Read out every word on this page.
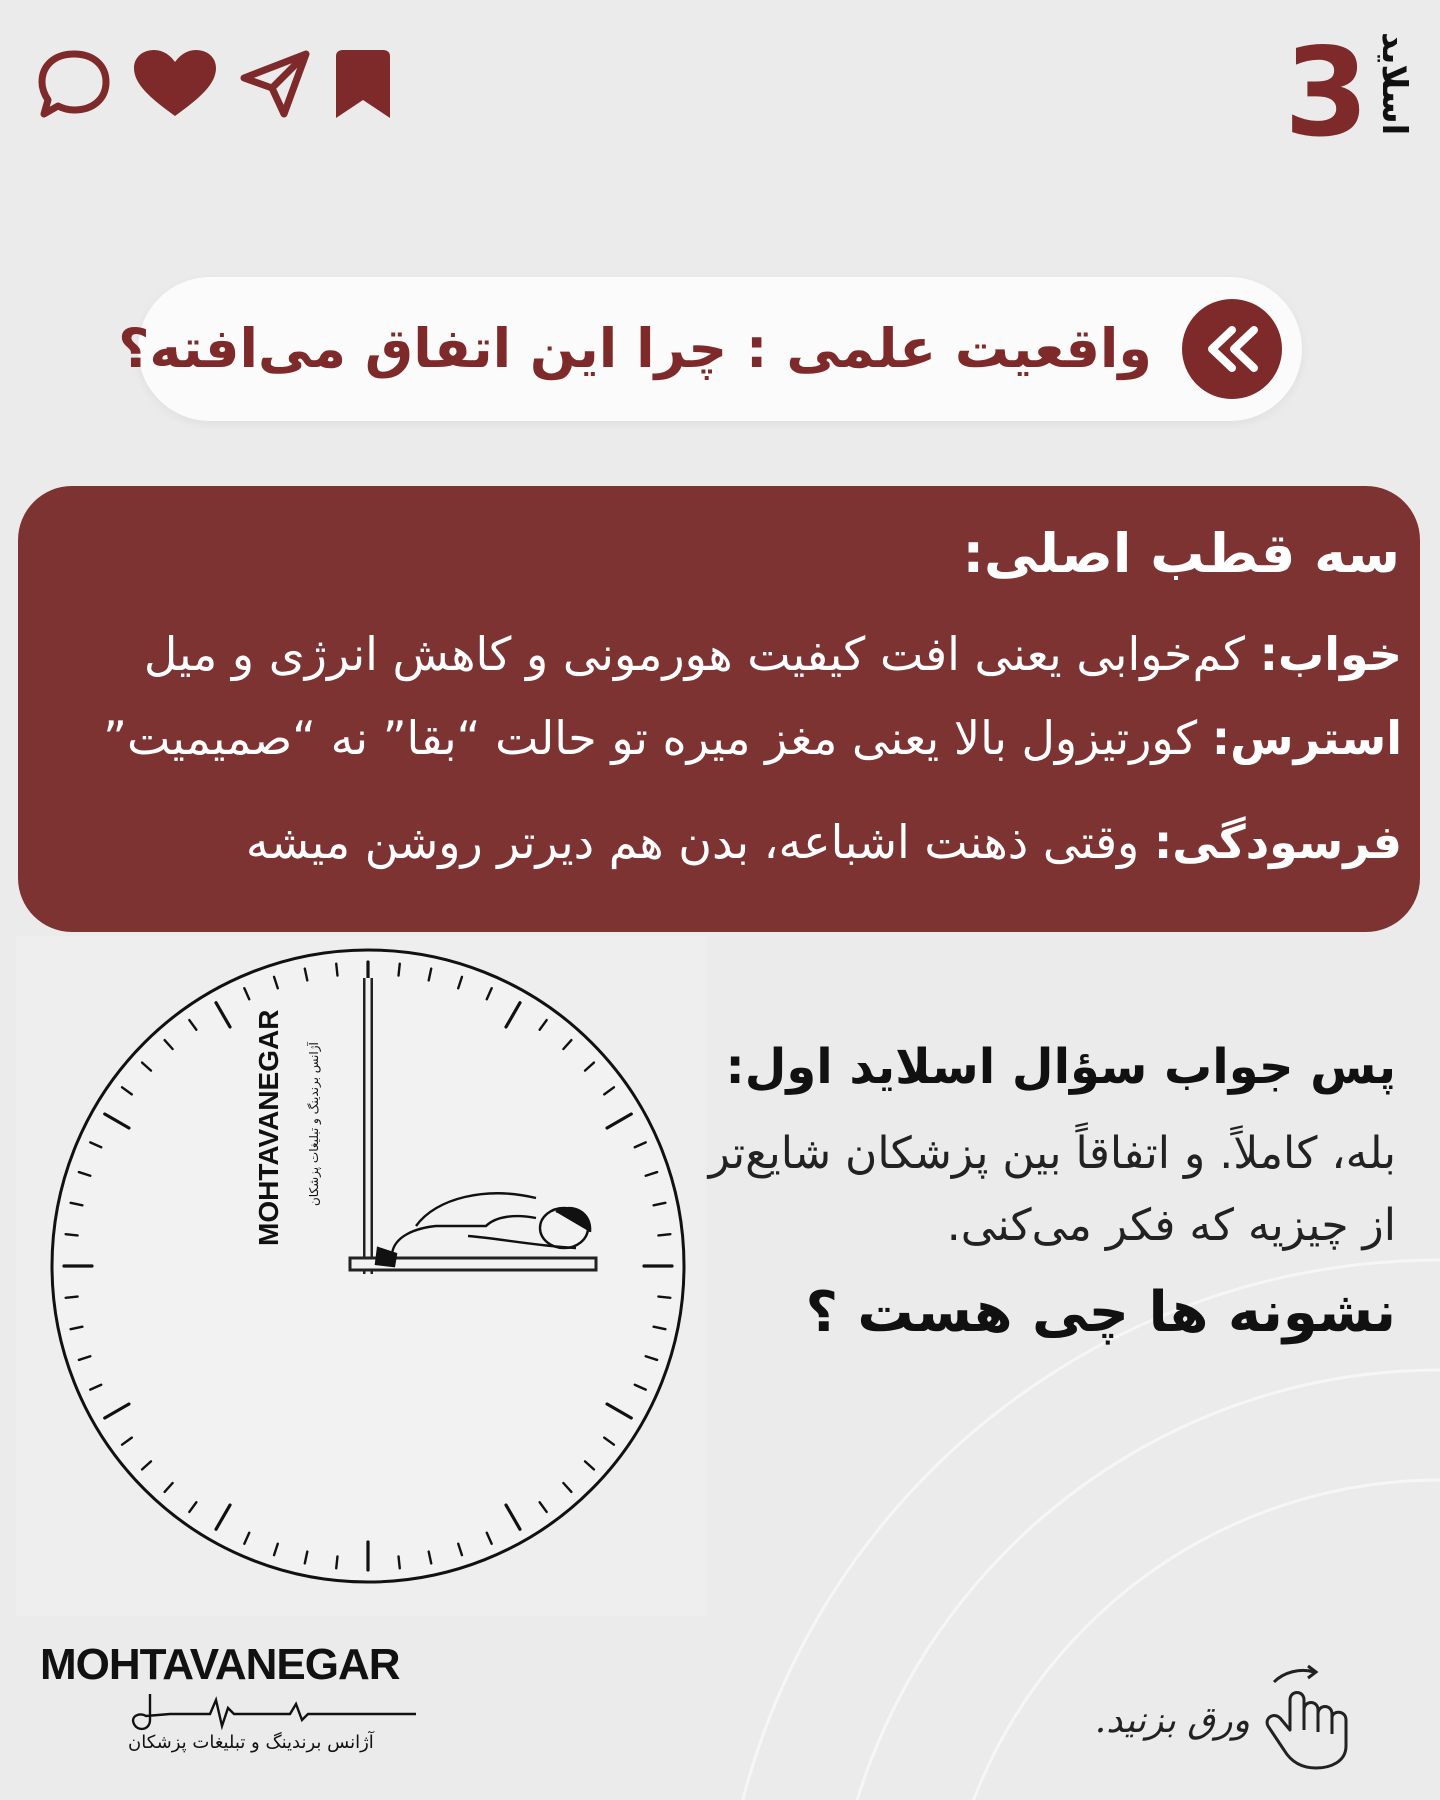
3 اسلاید
واقعیت علمی : چرا این اتفاق می‌افته؟
سه قطب اصلی:
خواب: کم‌خوابی یعنی افت کیفیت هورمونی و کاهش انرژی و میل
استرس: کورتیزول بالا یعنی مغز میره تو حالت “بقا” نه “صمیمیت”
فرسودگی: وقتی ذهنت اشباعه، بدن هم دیرتر روشن میشه
MOHTAVANEGAR آژانس برندینگ و تبلیغات پزشکان	پس جواب سؤال اسلاید اول:
بله، کاملاً. و اتفاقاً بین پزشکان شایع‌تر از چیزیه که فکر می‌کنی.
نشونه ها چی هست ؟
MOHTAVANEGAR
آژانس برندینگ و تبلیغات پزشکان
ورق بزنید.
